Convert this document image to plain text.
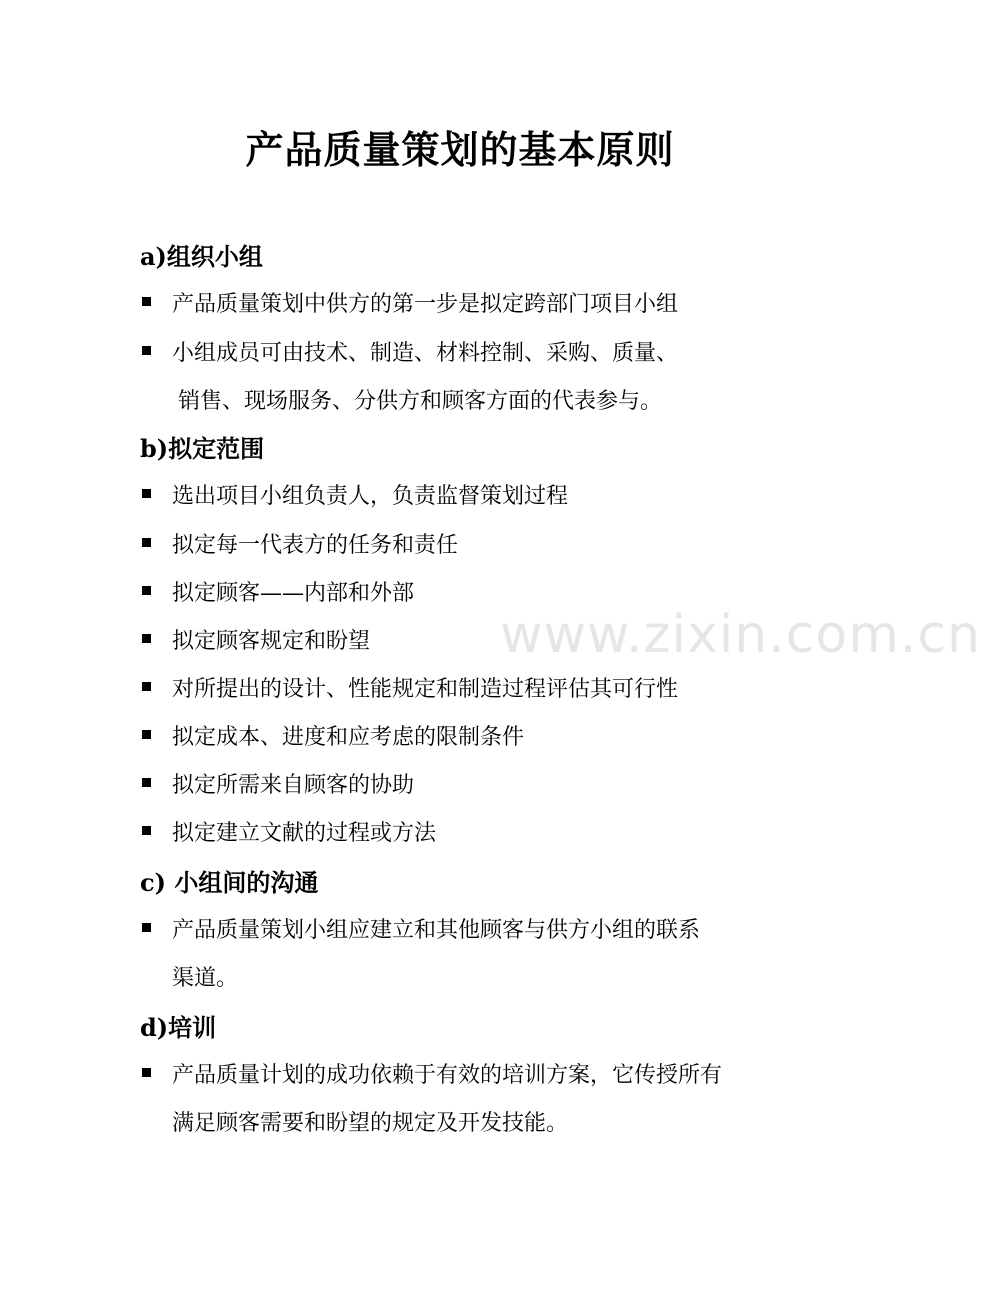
www.zixin.com.cn
产品质量策划的基本原则
a)组织小组
产品质量策划中供方的第一步是拟定跨部门项目小组
小组成员可由技术、制造、材料控制、采购、质量、
销售、现场服务、分供方和顾客方面的代表参与。
b)拟定范围
选出项目小组负责人，负责监督策划过程
拟定每一代表方的任务和责任
拟定顾客——内部和外部
拟定顾客规定和盼望
对所提出的设计、性能规定和制造过程评估其可行性
拟定成本、进度和应考虑的限制条件
拟定所需来自顾客的协助
拟定建立文献的过程或方法
c) 小组间的沟通
产品质量策划小组应建立和其他顾客与供方小组的联系
渠道。
d)培训
产品质量计划的成功依赖于有效的培训方案，它传授所有
满足顾客需要和盼望的规定及开发技能。
